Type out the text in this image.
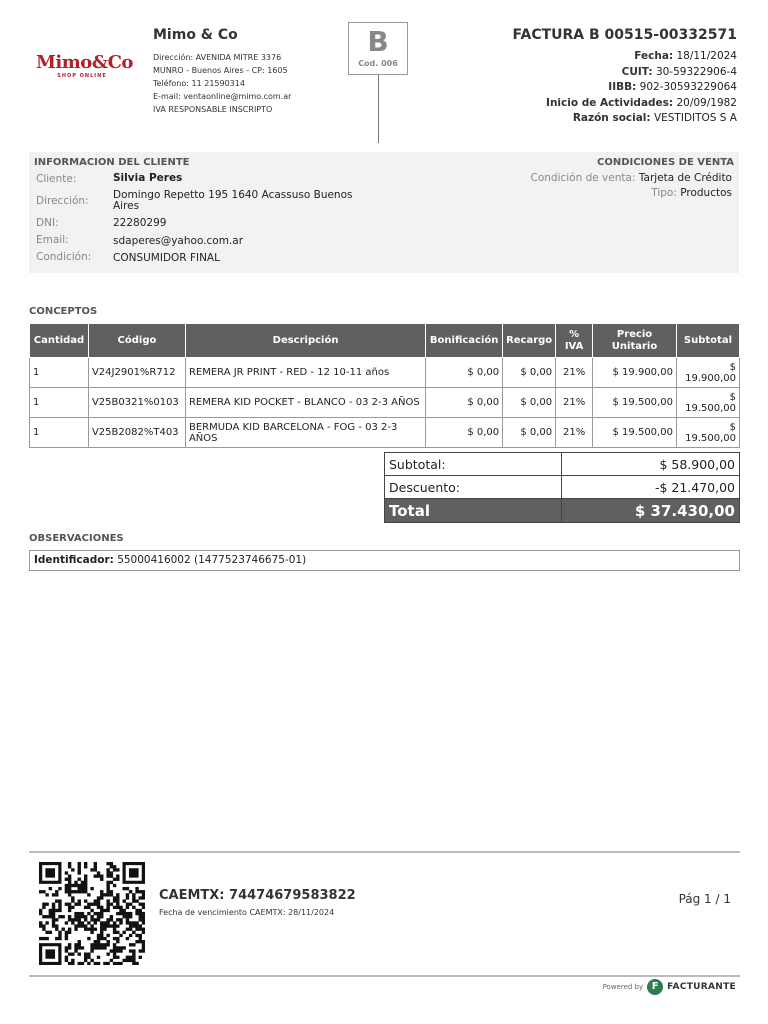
Mimo&Co
SHOP ONLINE
Mimo & Co
Dirección: AVENIDA MITRE 3376
MUNRO - Buenos Aires - CP: 1605
Teléfono: 11 21590314
E-mail: ventaonline@mimo.com.ar
IVA RESPONSABLE INSCRIPTO
B
Cod. 006
FACTURA B 00515-00332571
Fecha: 18/11/2024
CUIT: 30-59322906-4
IIBB: 902-30593229064
Inicio de Actividades: 20/09/1982
Razón social: VESTIDITOS S A
INFORMACION DEL CLIENTE	CONDICIONES DE VENTA
Cliente:	Silvia Peres
Dirección: Domingo Repetto 195 1640 Acassuso Buenos Aires
DNI:	22280299
Email:	sdaperes@yahoo.com.ar
Condición: CONSUMIDOR FINAL
Condición de venta: Tarjeta de Crédito
Tipo: Productos
CONCEPTOS
Cantidad	Código	Descripción	Bonificación	Recargo	% IVA	Precio Unitario	Subtotal
1	V24J2901%R712	REMERA JR PRINT - RED - 12 10-11 años	$ 0,00	$ 0,00	21%	$ 19.900,00	$ 19.900,00
1	V25B0321%0103	REMERA KID POCKET - BLANCO - 03 2-3 AÑOS	$ 0,00	$ 0,00	21%	$ 19.500,00	$ 19.500,00
1	V25B2082%T403	BERMUDA KID BARCELONA - FOG - 03 2-3 AÑOS	$ 0,00	$ 0,00	21%	$ 19.500,00	$ 19.500,00
Subtotal:	$ 58.900,00
Descuento:	-$ 21.470,00
Total	$ 37.430,00
OBSERVACIONES
Identificador: 55000416002 (1477523746675-01)
CAEMTX: 74474679583822
Fecha de vencimiento CAEMTX: 28/11/2024
Pág 1 / 1
Powered by F FACTURANTE
